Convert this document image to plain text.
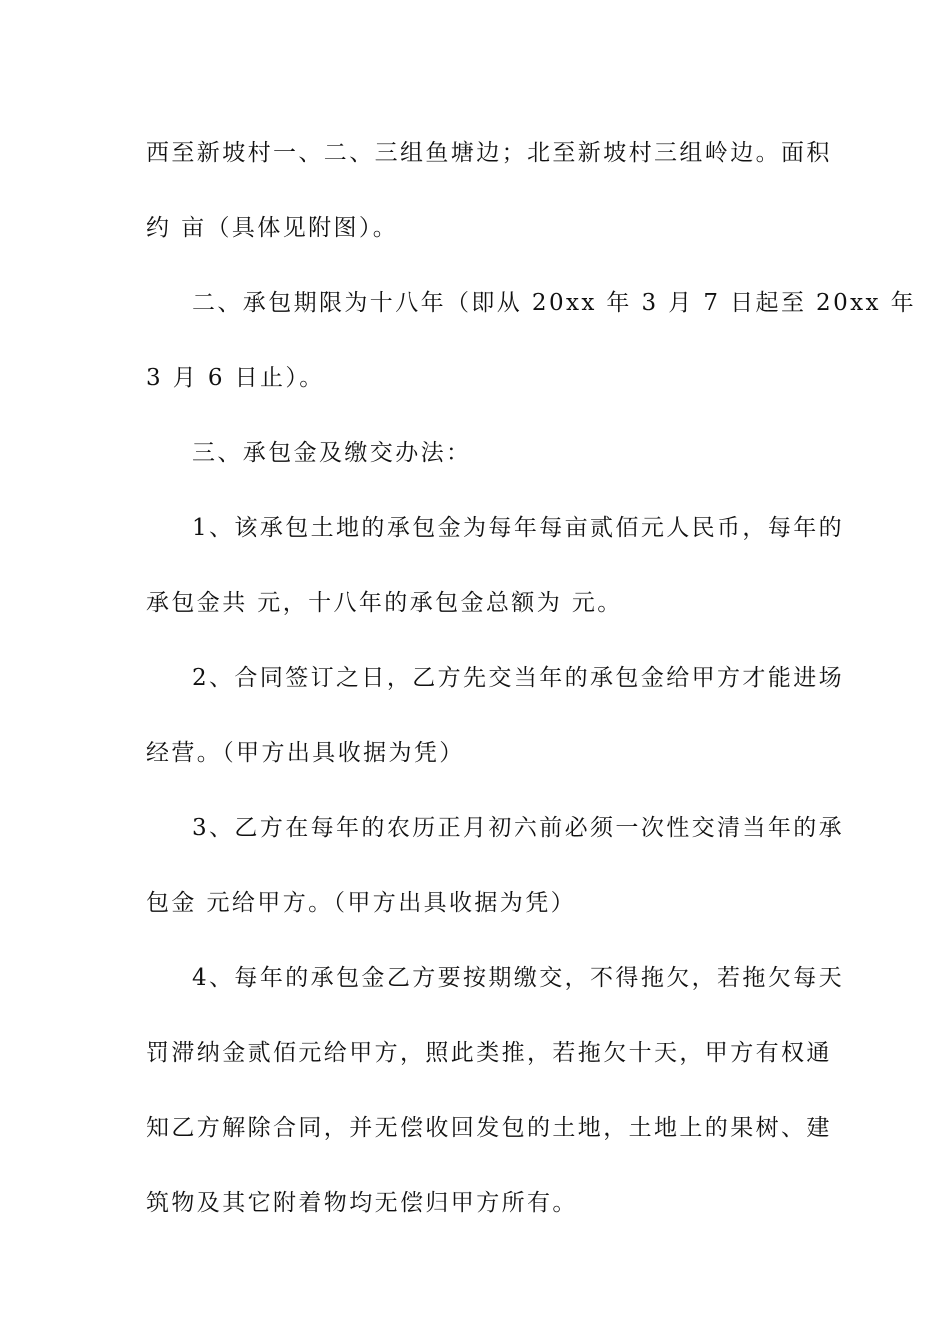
西至新坡村一、二、三组鱼塘边；北至新坡村三组岭边。面积
约 亩（具体见附图）。
二、承包期限为十八年（即从 20xx 年 3 月 7 日起至 20xx 年
3 月 6 日止）。
三、承包金及缴交办法：
1、该承包土地的承包金为每年每亩贰佰元人民币，每年的
承包金共 元，十八年的承包金总额为 元。
2、合同签订之日，乙方先交当年的承包金给甲方才能进场
经营。（甲方出具收据为凭）
3、乙方在每年的农历正月初六前必须一次性交清当年的承
包金 元给甲方。（甲方出具收据为凭）
4、每年的承包金乙方要按期缴交，不得拖欠，若拖欠每天
罚滞纳金贰佰元给甲方，照此类推，若拖欠十天，甲方有权通
知乙方解除合同，并无偿收回发包的土地，土地上的果树、建
筑物及其它附着物均无偿归甲方所有。
